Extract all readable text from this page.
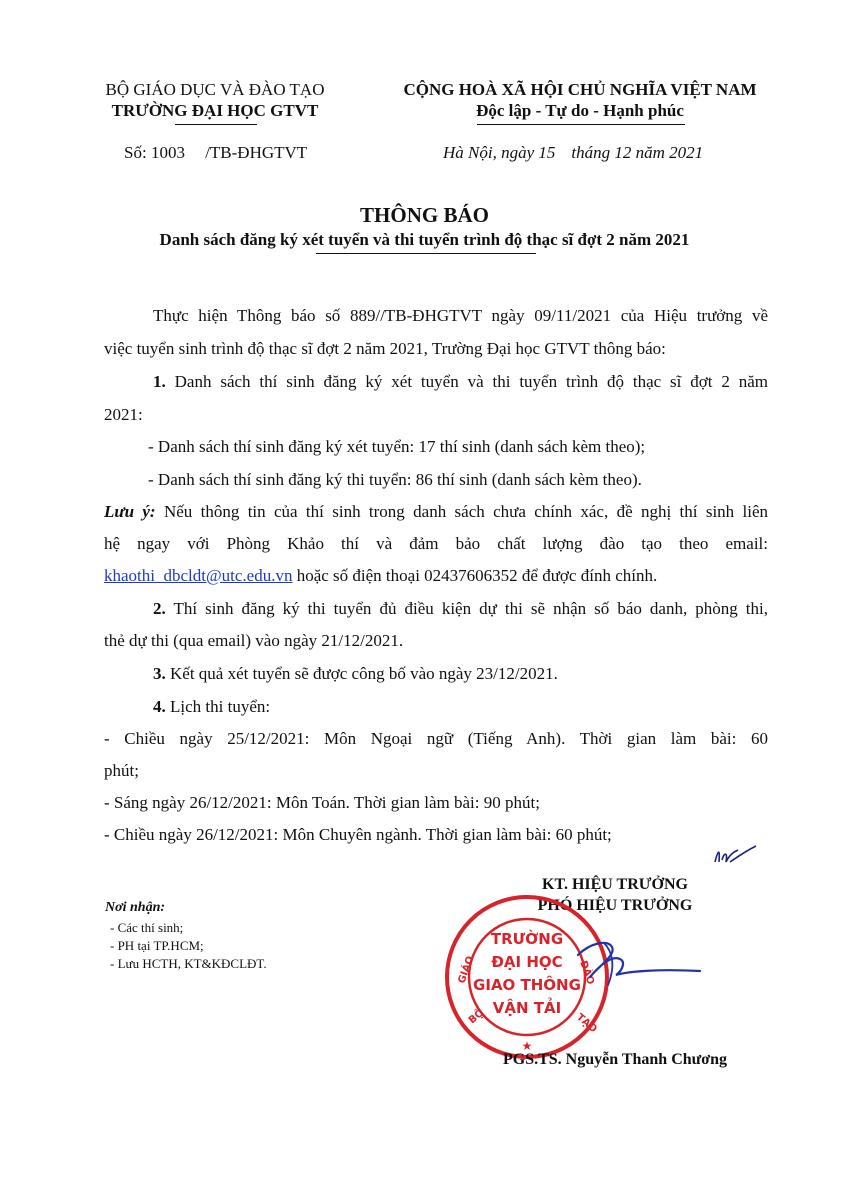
BỘ GIÁO DỤC VÀ ĐÀO TẠO
TRƯỜNG ĐẠI HỌC GTVT
CỘNG HOÀ XÃ HỘI CHỦ NGHĨA VIỆT NAM
Độc lập - Tự do - Hạnh phúc
Số: 1003 /TB-ĐHGTVT	Hà Nội, ngày 15 tháng 12 năm 2021
THÔNG BÁO
Danh sách đăng ký xét tuyển và thi tuyển trình độ thạc sĩ đợt 2 năm 2021
Thực hiện Thông báo số 889//TB-ĐHGTVT ngày 09/11/2021 của Hiệu trưởng về
việc tuyển sinh trình độ thạc sĩ đợt 2 năm 2021, Trường Đại học GTVT thông báo:
1. Danh sách thí sinh đăng ký xét tuyển và thi tuyển trình độ thạc sĩ đợt 2 năm
2021:
- Danh sách thí sinh đăng ký xét tuyển: 17 thí sinh (danh sách kèm theo);
- Danh sách thí sinh đăng ký thi tuyển: 86 thí sinh (danh sách kèm theo).
Lưu ý: Nếu thông tin của thí sinh trong danh sách chưa chính xác, đề nghị thí sinh liên
hệ ngay với Phòng Khảo thí và đảm bảo chất lượng đào tạo theo email:
khaothi_dbcldt@utc.edu.vn hoặc số điện thoại 02437606352 để được đính chính.
2. Thí sinh đăng ký thi tuyển đủ điều kiện dự thi sẽ nhận số báo danh, phòng thi,
thẻ dự thi (qua email) vào ngày 21/12/2021.
3. Kết quả xét tuyển sẽ được công bố vào ngày 23/12/2021.
4. Lịch thi tuyển:
- Chiều ngày 25/12/2021: Môn Ngoại ngữ (Tiếng Anh). Thời gian làm bài: 60
phút;
- Sáng ngày 26/12/2021: Môn Toán. Thời gian làm bài: 90 phút;
- Chiều ngày 26/12/2021: Môn Chuyên ngành. Thời gian làm bài: 60 phút;
Nơi nhận:
- Các thí sinh;
- PH tại TP.HCM;
- Lưu HCTH, KT&KĐCLĐT.
KT. HIỆU TRƯỞNG
PHÓ HIỆU TRƯỞNG
★
GIÁO	ĐÀO
BỘ	TẠO
TRƯỜNG
ĐẠI HỌC
GIAO THÔNG
VẬN TẢI
PGS.TS. Nguyễn Thanh Chương
